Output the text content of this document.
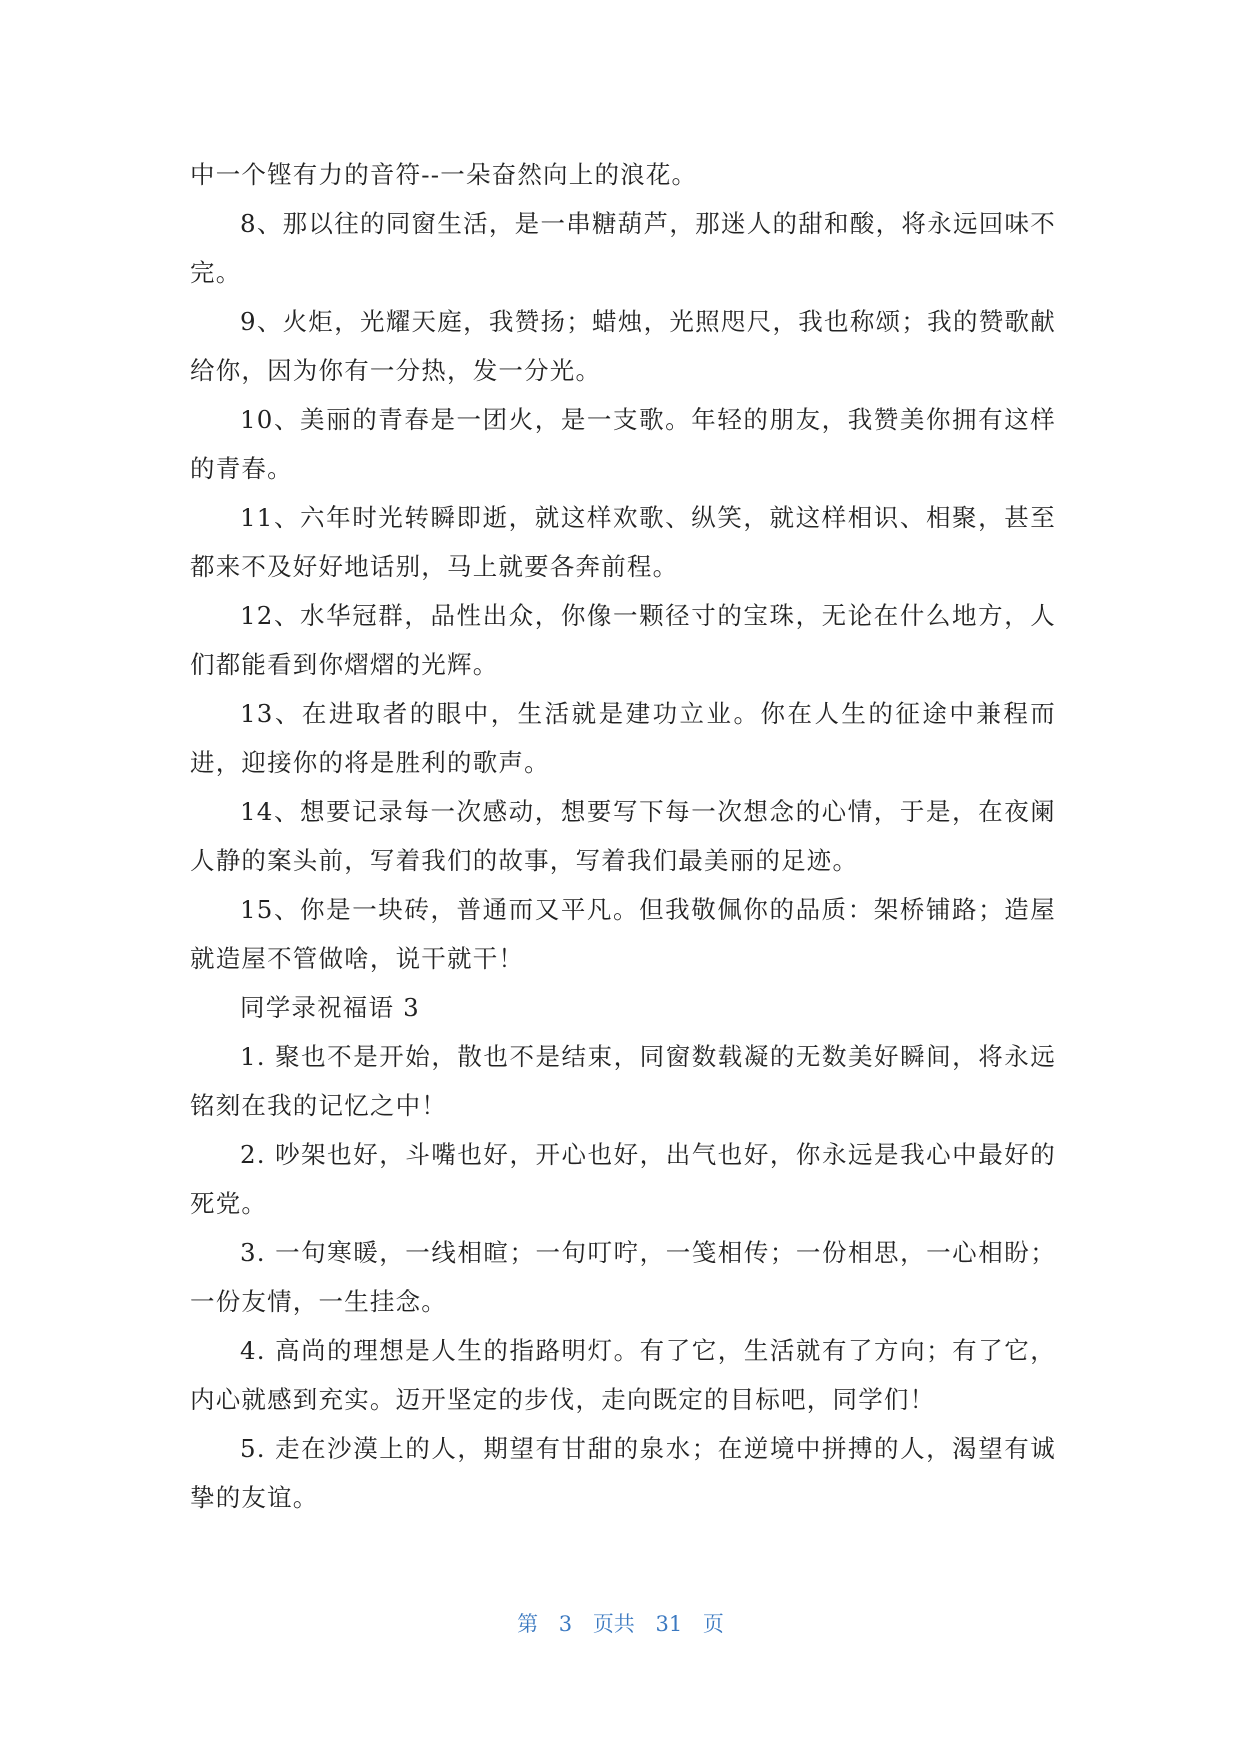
中一个铿有力的音符--一朵奋然向上的浪花。

8、那以往的同窗生活，是一串糖葫芦，那迷人的甜和酸，将永远回味不完。

9、火炬，光耀天庭，我赞扬；蜡烛，光照咫尺，我也称颂；我的赞歌献给你，因为你有一分热，发一分光。

10、美丽的青春是一团火，是一支歌。年轻的朋友，我赞美你拥有这样的青春。

11、六年时光转瞬即逝，就这样欢歌、纵笑，就这样相识、相聚，甚至都来不及好好地话别，马上就要各奔前程。

12、水华冠群，品性出众，你像一颗径寸的宝珠，无论在什么地方，人们都能看到你熠熠的光辉。

13、在进取者的眼中，生活就是建功立业。你在人生的征途中兼程而进，迎接你的将是胜利的歌声。

14、想要记录每一次感动，想要写下每一次想念的心情，于是，在夜阑人静的案头前，写着我们的故事，写着我们最美丽的足迹。

15、你是一块砖，普通而又平凡。但我敬佩你的品质：架桥铺路；造屋就造屋不管做啥，说干就干！

同学录祝福语 3

1. 聚也不是开始，散也不是结束，同窗数载凝的无数美好瞬间，将永远铭刻在我的记忆之中！

2. 吵架也好，斗嘴也好，开心也好，出气也好，你永远是我心中最好的死党。

3. 一句寒暖，一线相暄；一句叮咛，一笺相传；一份相思，一心相盼；一份友情，一生挂念。

4. 高尚的理想是人生的指路明灯。有了它，生活就有了方向；有了它，内心就感到充实。迈开坚定的步伐，走向既定的目标吧，同学们！

5. 走在沙漠上的人，期望有甘甜的泉水；在逆境中拼搏的人，渴望有诚挚的友谊。

第 3 页共 31 页
